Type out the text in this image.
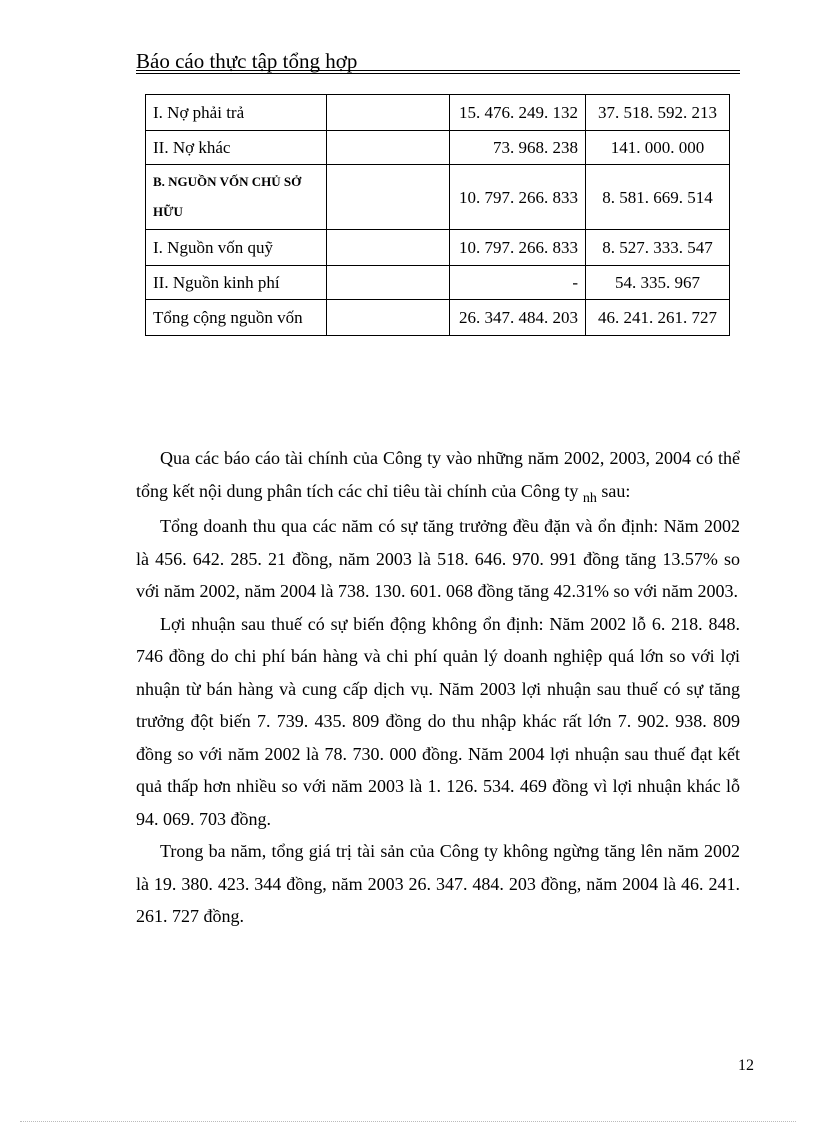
Báo cáo thực tập tổng hợp
I. Nợ phải trả		15. 476. 249. 132	37. 518. 592. 213
II. Nợ khác		73. 968. 238	141. 000. 000
B. NGUỒN VỐN CHỦ SỞ HỮU		10. 797. 266. 833	8. 581. 669. 514
I. Nguồn vốn quỹ		10. 797. 266. 833	8. 527. 333. 547
II. Nguồn kinh phí		-	54. 335. 967
Tổng cộng nguồn vốn		26. 347. 484. 203	46. 241. 261. 727

Qua các báo cáo tài chính của Công ty vào những năm 2002, 2003, 2004 có thể tổng kết nội dung phân tích các chỉ tiêu tài chính của Công ty $_{nh}$ sau:

Tổng doanh thu qua các năm có sự tăng trưởng đều đặn và ổn định: Năm 2002 là 456. 642. 285. 21 đồng, năm 2003 là 518. 646. 970. 991 đồng tăng 13.57% so với năm 2002, năm 2004 là 738. 130. 601. 068 đồng tăng 42.31% so với năm 2003.

Lợi nhuận sau thuế có sự biến động không ổn định: Năm 2002 lỗ 6. 218. 848. 746 đồng do chi phí bán hàng và chi phí quản lý doanh nghiệp quá lớn so với lợi nhuận từ bán hàng và cung cấp dịch vụ. Năm 2003 lợi nhuận sau thuế có sự tăng trưởng đột biến 7. 739. 435. 809 đồng do thu nhập khác rất lớn 7. 902. 938. 809 đồng so với năm 2002 là 78. 730. 000 đồng. Năm 2004 lợi nhuận sau thuế đạt kết quả thấp hơn nhiều so với năm 2003 là 1. 126. 534. 469 đồng vì lợi nhuận khác lỗ 94. 069. 703 đồng.

Trong ba năm, tổng giá trị tài sản của Công ty không ngừng tăng lên năm 2002 là 19. 380. 423. 344 đồng, năm 2003 26. 347. 484. 203 đồng, năm 2004 là 46. 241. 261. 727 đồng.

12
